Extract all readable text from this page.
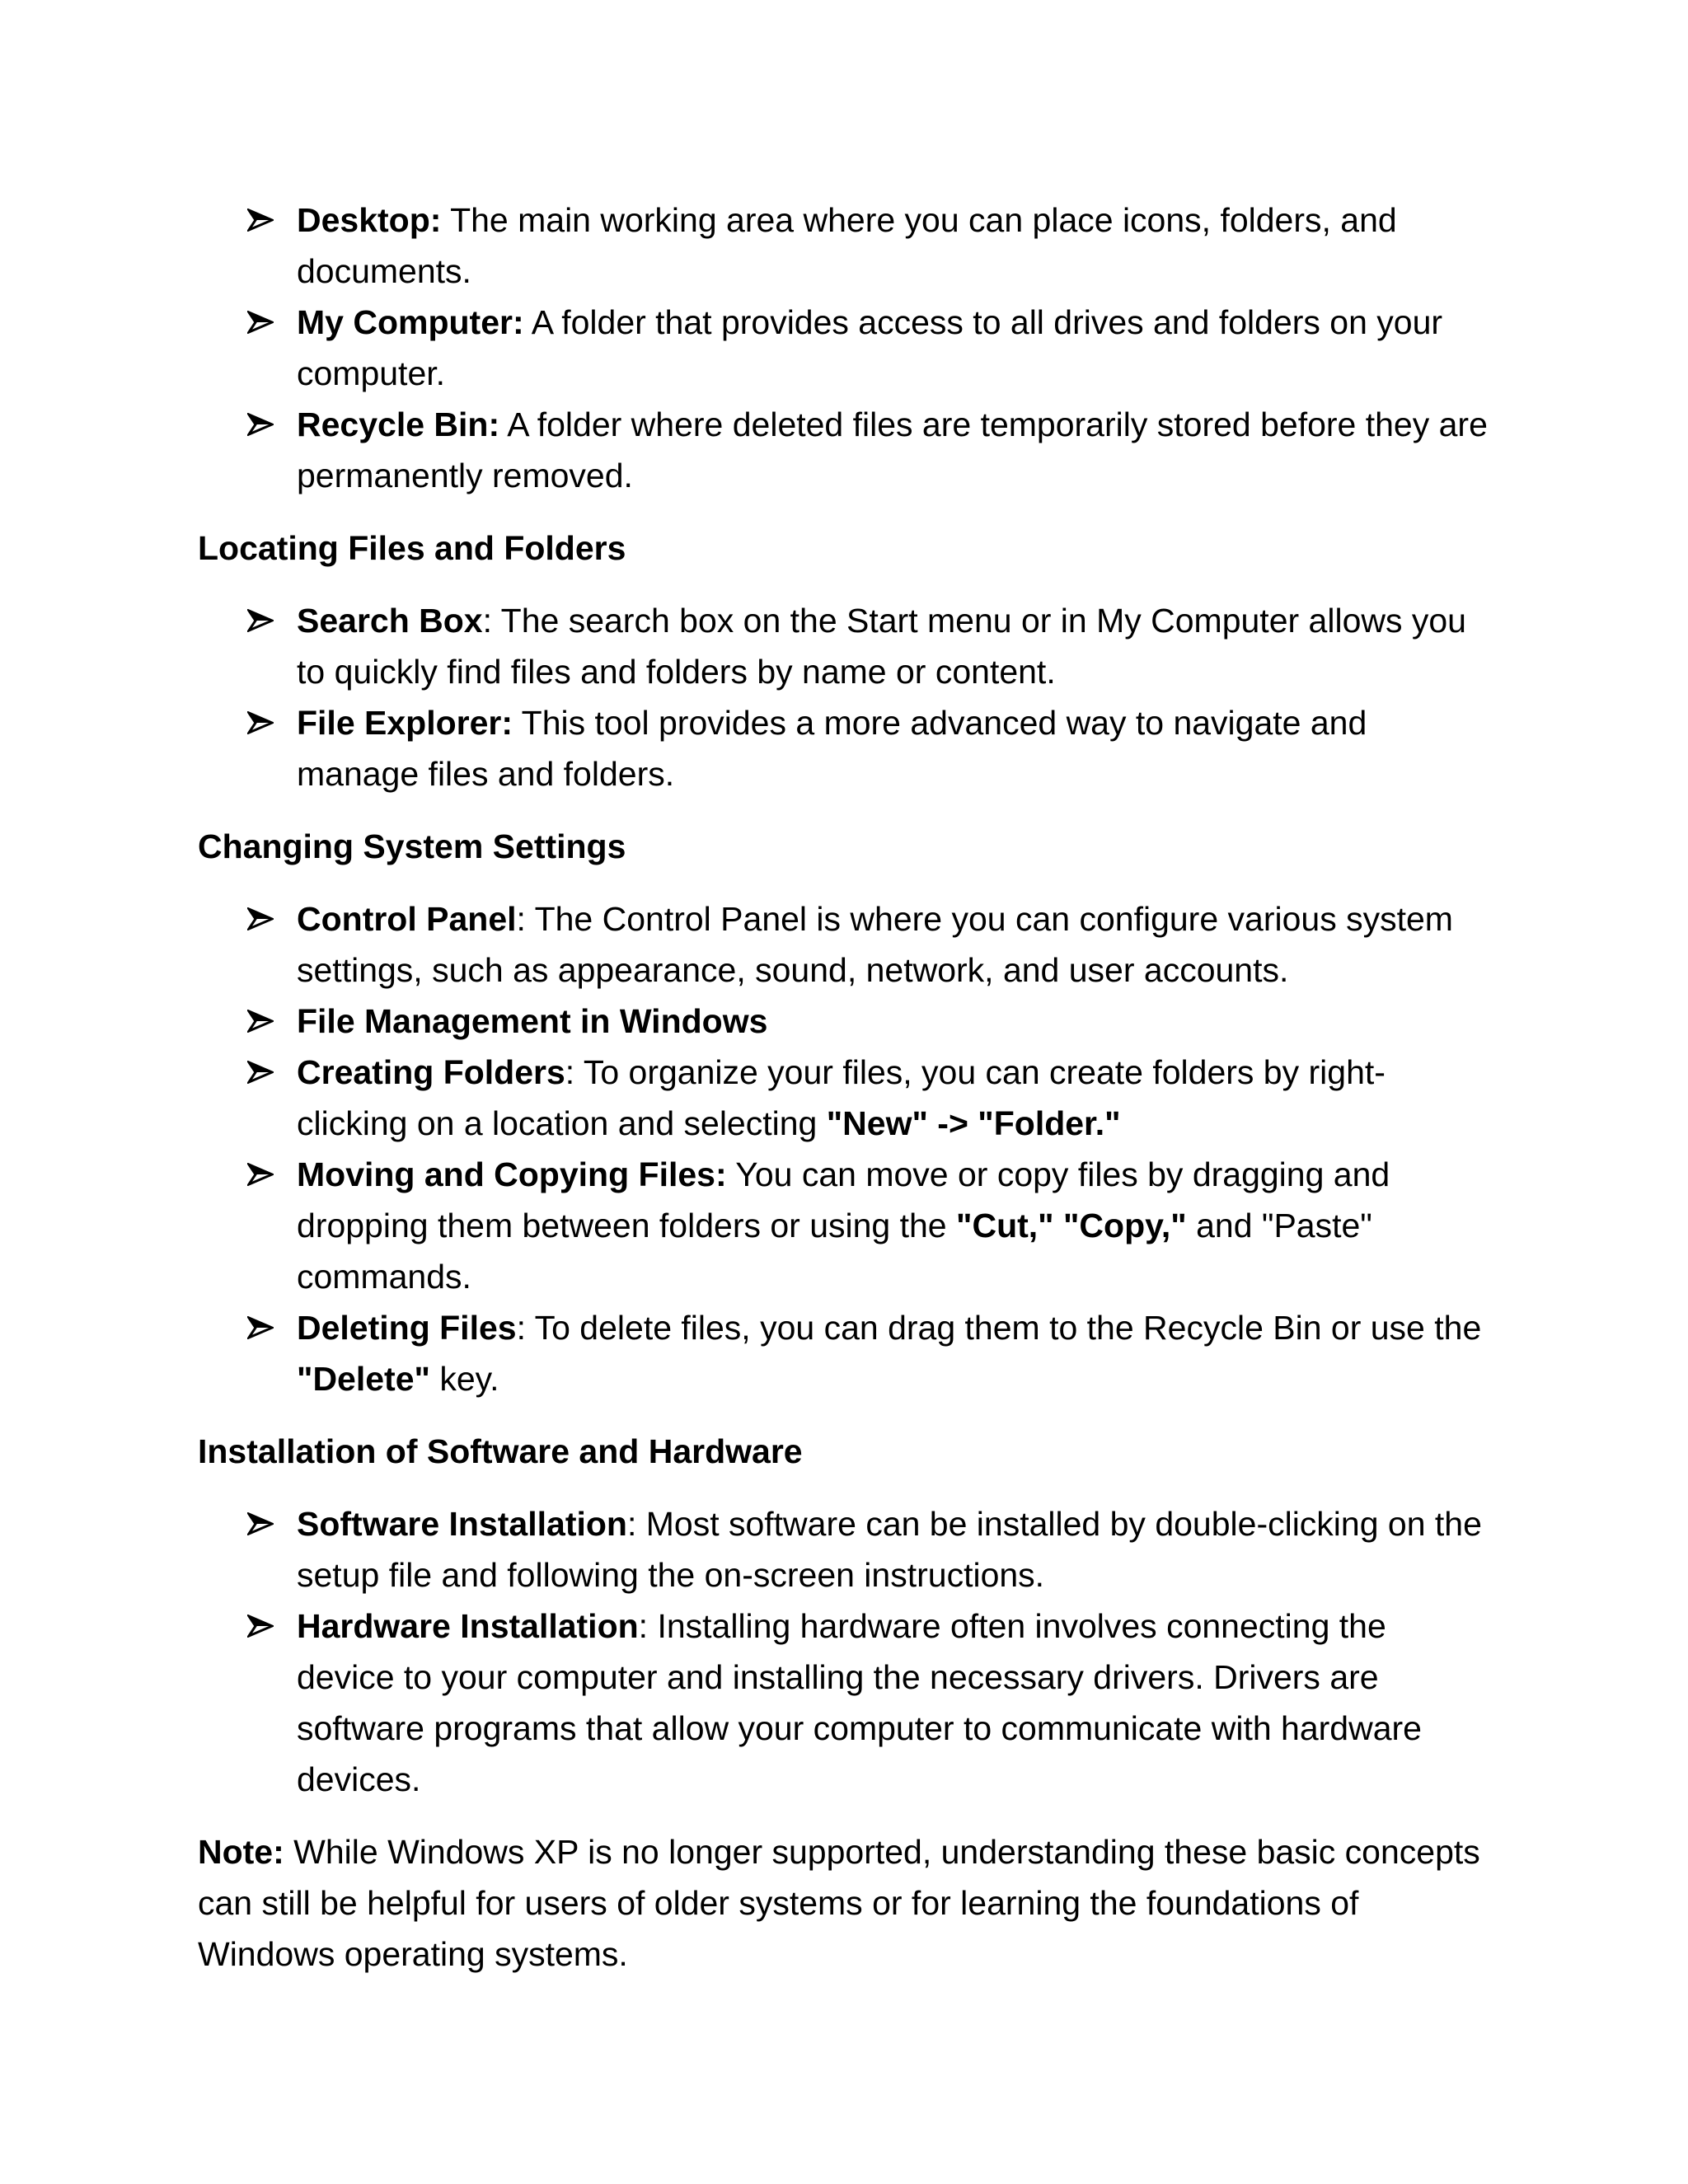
Desktop: The main working area where you can place icons, folders, and documents.
My Computer: A folder that provides access to all drives and folders on your computer.
Recycle Bin: A folder where deleted files are temporarily stored before they are permanently removed.
Locating Files and Folders
Search Box: The search box on the Start menu or in My Computer allows you to quickly find files and folders by name or content.
File Explorer: This tool provides a more advanced way to navigate and manage files and folders.
Changing System Settings
Control Panel: The Control Panel is where you can configure various system settings, such as appearance, sound, network, and user accounts.
File Management in Windows
Creating Folders: To organize your files, you can create folders by right-clicking on a location and selecting "New" -> "Folder."
Moving and Copying Files: You can move or copy files by dragging and dropping them between folders or using the "Cut," "Copy," and "Paste" commands.
Deleting Files: To delete files, you can drag them to the Recycle Bin or use the "Delete" key.
Installation of Software and Hardware
Software Installation: Most software can be installed by double-clicking on the setup file and following the on-screen instructions.
Hardware Installation: Installing hardware often involves connecting the device to your computer and installing the necessary drivers. Drivers are software programs that allow your computer to communicate with hardware devices.

Note: While Windows XP is no longer supported, understanding these basic concepts can still be helpful for users of older systems or for learning the foundations of Windows operating systems.
